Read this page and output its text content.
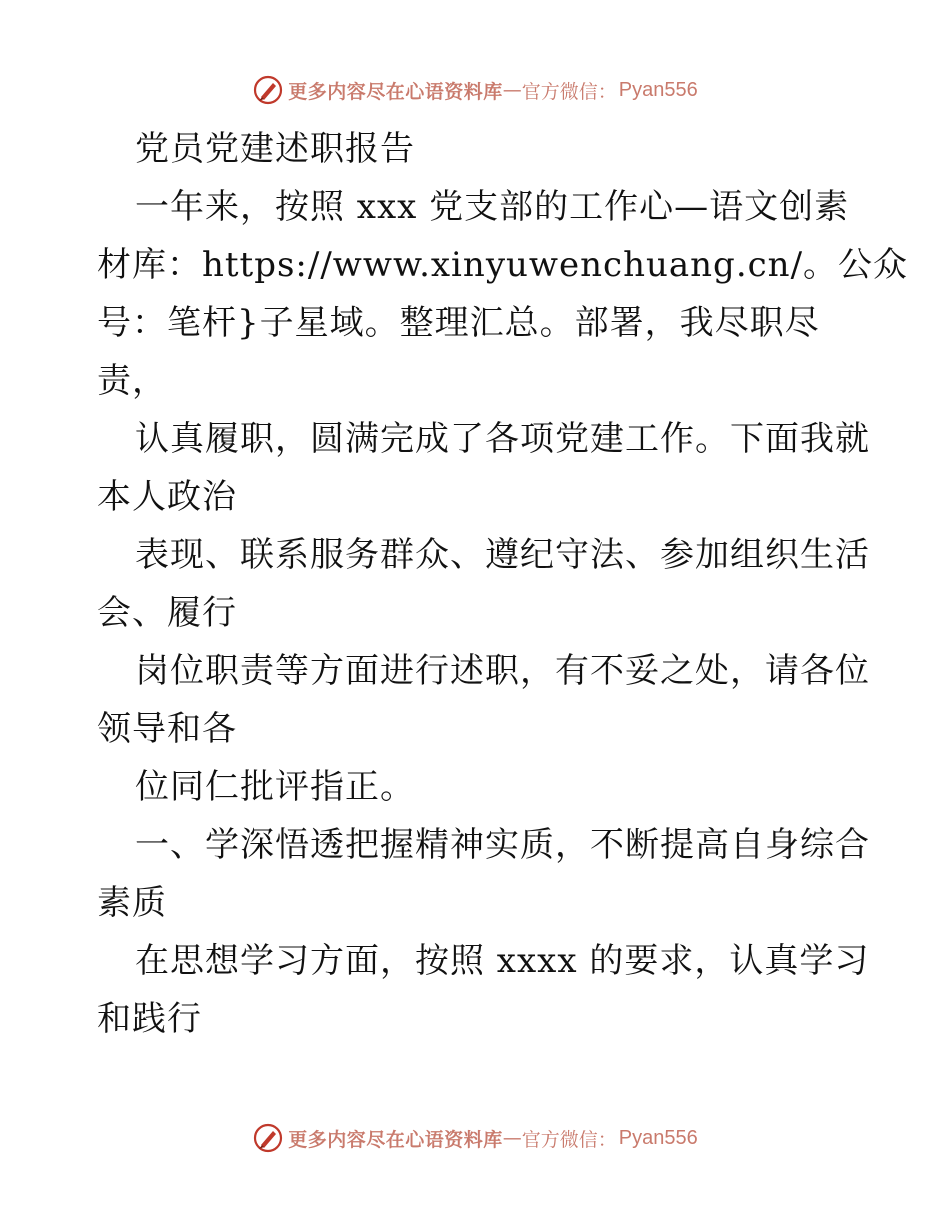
更多内容尽在心语资料库 — 官方微信： Pyan556
党员党建述职报告
一年来，按照 xxx 党支部的工作心—语文创素
材库：https://www.xinyuwenchuang.cn/。公众
号：笔杆}子星域。整理汇总。部署，我尽职尽
责，
认真履职，圆满完成了各项党建工作。下面我就
本人政治
表现、联系服务群众、遵纪守法、参加组织生活
会、履行
岗位职责等方面进行述职，有不妥之处，请各位
领导和各
位同仁批评指正。
一、学深悟透把握精神实质，不断提高自身综合
素质
在思想学习方面，按照 xxxx 的要求，认真学习
和践行
更多内容尽在心语资料库 — 官方微信： Pyan556
